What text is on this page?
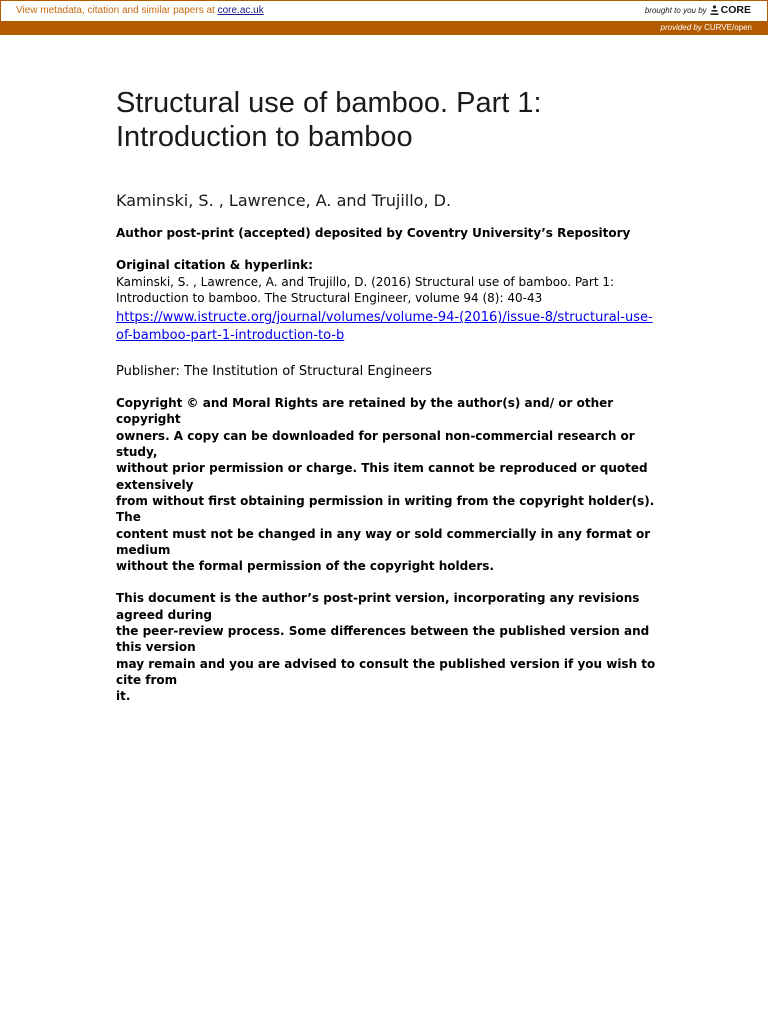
View metadata, citation and similar papers at core.ac.uk	brought to you by CORE
provided by CURVE/open
Structural use of bamboo. Part 1:
Introduction to bamboo
Kaminski, S. , Lawrence, A. and Trujillo, D.
Author post-print (accepted) deposited by Coventry University’s Repository
Original citation & hyperlink:
Kaminski, S. , Lawrence, A. and Trujillo, D. (2016) Structural use of bamboo. Part 1:
Introduction to bamboo. The Structural Engineer, volume 94 (8): 40-43
https://www.istructe.org/journal/volumes/volume-94-(2016)/issue-8/structural-use-
of-bamboo-part-1-introduction-to-b
Publisher: The Institution of Structural Engineers
Copyright © and Moral Rights are retained by the author(s) and/ or other copyright
owners. A copy can be downloaded for personal non-commercial research or study,
without prior permission or charge. This item cannot be reproduced or quoted extensively
from without first obtaining permission in writing from the copyright holder(s). The
content must not be changed in any way or sold commercially in any format or medium
without the formal permission of the copyright holders.
This document is the author’s post-print version, incorporating any revisions agreed during
the peer-review process. Some differences between the published version and this version
may remain and you are advised to consult the published version if you wish to cite from
it.
